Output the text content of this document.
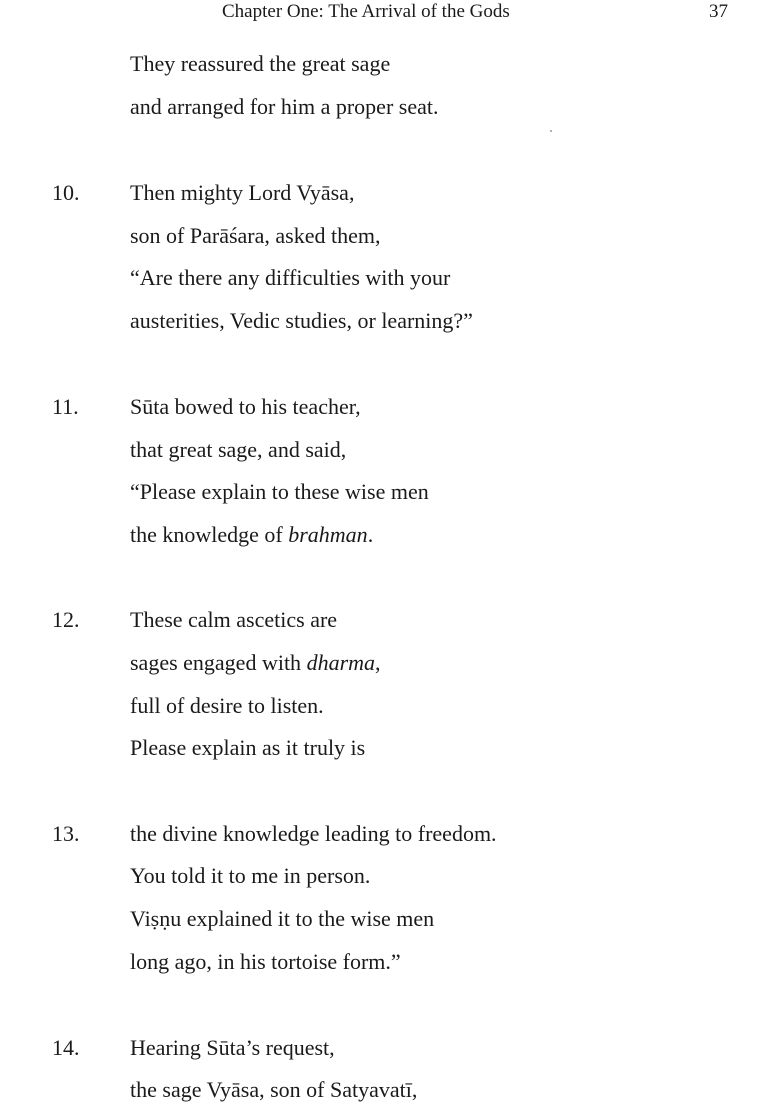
Chapter One: The Arrival of the Gods	37
They reassured the great sage
and arranged for him a proper seat.
10. Then mighty Lord Vyāsa,
son of Parāśara, asked them,
“Are there any difficulties with your
austerities, Vedic studies, or learning?”
11. Sūta bowed to his teacher,
that great sage, and said,
“Please explain to these wise men
the knowledge of brahman.
12. These calm ascetics are
sages engaged with dharma,
full of desire to listen.
Please explain as it truly is
13. the divine knowledge leading to freedom.
You told it to me in person.
Viṣṇu explained it to the wise men
long ago, in his tortoise form.”
14. Hearing Sūta’s request,
the sage Vyāsa, son of Satyavatī,
